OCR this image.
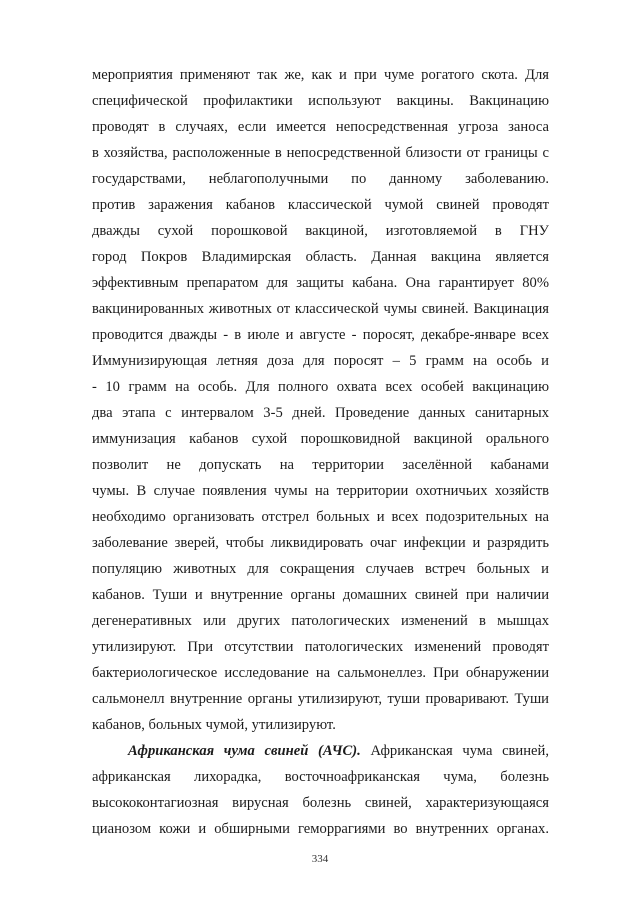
мероприятия применяют так же, как и при чуме рогатого скота. Для
специфической профилактики используют вакцины. Вакцинацию
проводят в случаях, если имеется непосредственная угроза заноса
в хозяйства, расположенные в непосредственной близости от границы с
государствами, неблагополучными по данному заболеванию.
против заражения кабанов классической чумой свиней проводят
дважды сухой порошковой вакциной, изготовляемой в ГНУ
город Покров Владимирская область. Данная вакцина является
эффективным препаратом для защиты кабана. Она гарантирует 80%
вакцинированных животных от классической чумы свиней. Вакцинация
проводится дважды - в июле и августе - поросят, декабре-январе всех
Иммунизирующая летняя доза для поросят – 5 грамм на особь и
- 10 грамм на особь. Для полного охвата всех особей вакцинацию
два этапа с интервалом 3-5 дней. Проведение данных санитарных
иммунизация кабанов сухой порошковидной вакциной орального
позволит не допускать на территории заселённой кабанами
чумы. В случае появления чумы на территории охотничьих хозяйств
необходимо организовать отстрел больных и всех подозрительных на
заболевание зверей, чтобы ликвидировать очаг инфекции и разрядить
популяцию животных для сокращения случаев встреч больных и
кабанов. Туши и внутренние органы домашних свиней при наличии
дегенеративных или других патологических изменений в мышцах
утилизируют. При отсутствии патологических изменений проводят
бактериологическое исследование на сальмонеллез. При обнаружении
сальмонелл внутренние органы утилизируют, туши проваривают. Туши
кабанов, больных чумой, утилизируют.
Африканская чума свиней (АЧС). Африканская чума свиней,
африканская лихорадка, восточноафриканская чума, болезнь
высококонтагиозная вирусная болезнь свиней, характеризующаяся
цианозом кожи и обширными геморрагиями во внутренних органах.
334
